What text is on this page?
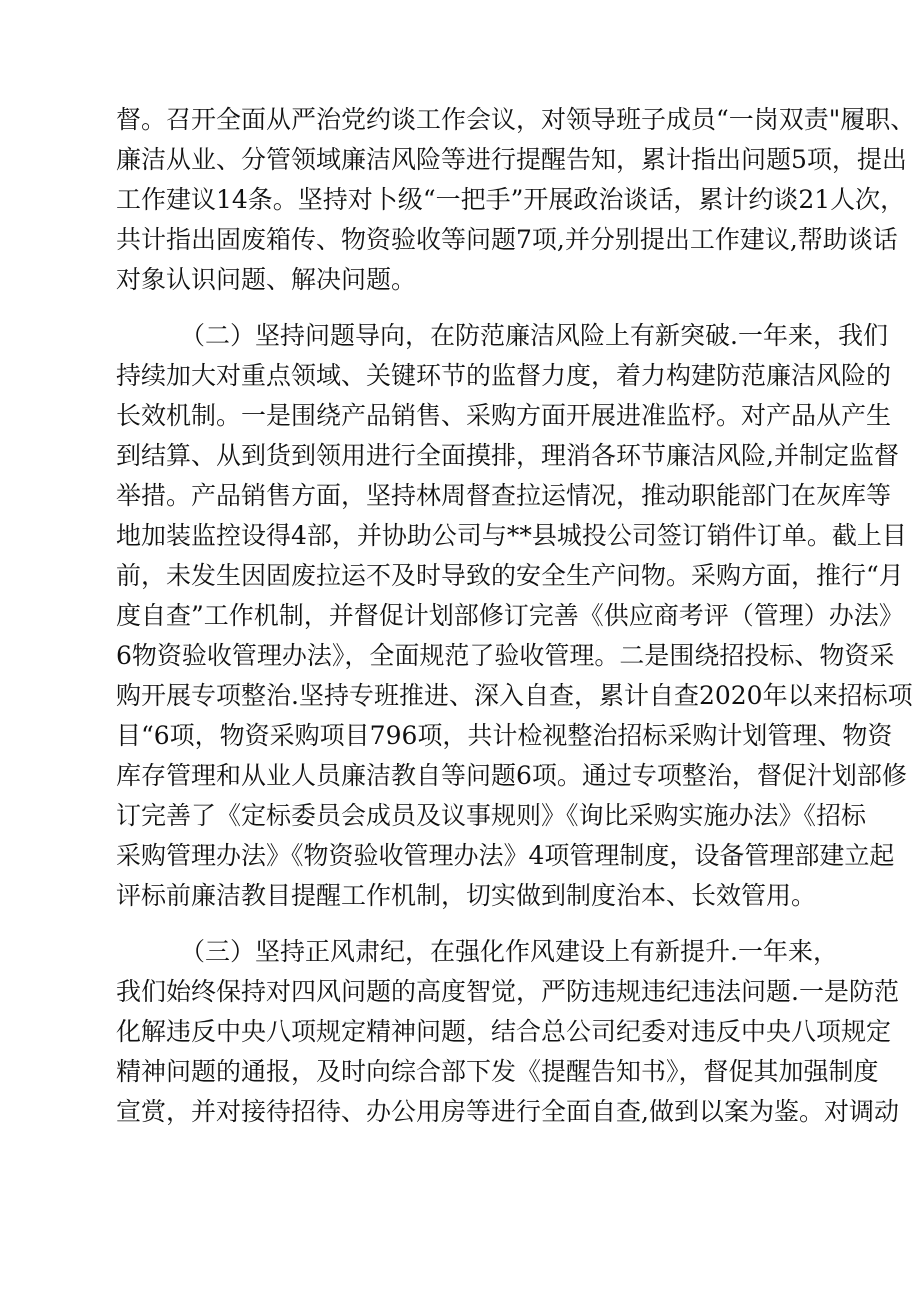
督。召开全面从严治党约谈工作会议，对领导班子成员“一岗双责"履职、
廉洁从业、分管领域廉洁风险等进行提醒告知，累计指出问题5项，提出
工作建议14条。坚持对卜级“一把手”开展政治谈话，累计约谈21人次，
共计指出固废箱传、物资验收等问题7项,并分别提出工作建议,帮助谈话
对象认识问题、解决问题。
（二）坚持问题导向，在防范廉洁风险上有新突破.一年来，我们
持续加大对重点领域、关键环节的监督力度，着力构建防范廉洁风险的
长效机制。一是围绕产品销售、采购方面开展进准监杼。对产品从产生
到结算、从到货到领用进行全面摸排，理消各环节廉洁风险,并制定监督
举措。产品销售方面，坚持林周督查拉运情况，推动职能部门在灰库等
地加装监控设得4部，并协助公司与**县城投公司签订销件订单。截上目
前，未发生因固废拉运不及时导致的安全生产问物。采购方面，推行“月
度自查”工作机制，并督促计划部修订完善《供应商考评（管理）办法》
6物资验收管理办法》，全面规范了验收管理。二是围绕招投标、物资采
购开展专项整治.坚持专班推进、深入自查，累计自查2020年以来招标项
目“6项，物资采购项目796项，共计检视整治招标采购计划管理、物资
库存管理和从业人员廉洁教自等问题6项。通过专项整治，督促汁划部修
订完善了《定标委员会成员及议事规则》《询比采购实施办法》《招标
采购管理办法》《物资验收管理办法》4项管理制度，设备管理部建立起
评标前廉洁教目提醒工作机制，切实做到制度治本、长效管用。
（三）坚持正风肃纪，在强化作风建设上有新提升.一年来，
我们始终保持对四风问题的高度智觉，严防违规违纪违法问题.一是防范
化解违反中央八项规定精神问题，结合总公司纪委对违反中央八项规定
精神问题的通报，及时向综合部下发《提醒告知书》，督促其加强制度
宣赏，并对接待招待、办公用房等进行全面自查,做到以案为鉴。对调动
